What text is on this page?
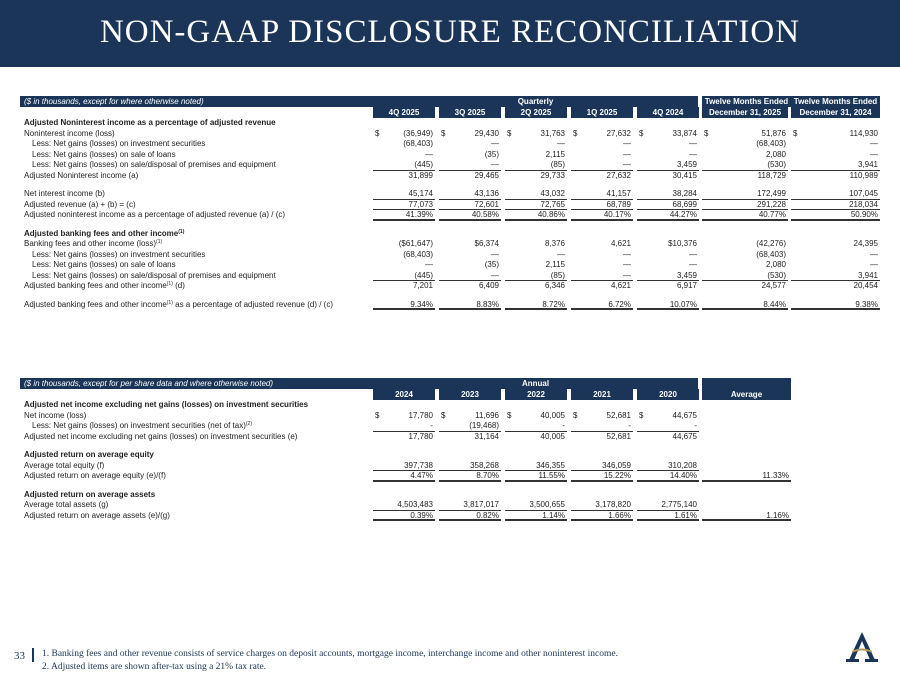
NON-GAAP DISCLOSURE RECONCILIATION
($ in thousands, except for where otherwise noted)	Quarterly	Twelve Months Ended Twelve Months Ended
4Q 2025	3Q 2025	2Q 2025	1Q 2025	4Q 2024	December 31, 2025	December 31, 2024
Adjusted Noninterest income as a percentage of adjusted revenue
Noninterest income (loss)	$	(36,949) $	29,430 $	31,763 $	27,632 $	33,874 $	51,876 $	114,930
Less: Net gains (losses) on investment securities	(68,403)	—	—	—	—	(68,403)	—
Less: Net gains (losses) on sale of loans	—	(35)	2,115	—	—	2,080	—
Less: Net gains (losses) on sale/disposal of premises and equipment	(445)	—	(85)	—	3,459	(530)	3,941
Adjusted Noninterest income (a)	31,899	29,465	29,733	27,632	30,415	118,729	110,989
Net interest income (b)	45,174	43,136	43,032	41,157	38,284	172,499	107,045
Adjusted revenue (a) + (b) = (c)	77,073	72,601	72,765	68,789	68,699	291,228	218,034
Adjusted noninterest income as a percentage of adjusted revenue (a) / (c)	41.39%	40.58%	40.86%	40.17%	44.27%	40.77%	50.90%
Adjusted banking fees and other income$^{(1)}$
Banking fees and other income (loss)$^{(1)}$	($61,647)	$6,374	8,376	4,621	$10,376	(42,276)	24,395
Less: Net gains (losses) on investment securities	(68,403)	—	—	—	—	(68,403)	—
Less: Net gains (losses) on sale of loans	—	(35)	2,115	—	—	2,080	—
Less: Net gains (losses) on sale/disposal of premises and equipment	(445)	—	(85)	—	3,459	(530)	3,941
Adjusted banking fees and other income$^{(1)}$ (d)	7,201	6,409	6,346	4,621	6,917	24,577	20,454
Adjusted banking fees and other income$^{(1)}$ as a percentage of adjusted revenue (d) / (c)	9.34%	8.83%	8.72%	6.72%	10.07%	8.44%	9.38%
($ in thousands, except for per share data and where otherwise noted)	Annual
2024	2023	2022	2021	2020	Average
Adjusted net income excluding net gains (losses) on investment securities
Net income (loss)	$	17,780 $	11,696 $	40,005 $	52,681 $	44,675
Less: Net gains (losses) on investment securities (net of tax)$^{(2)}$	-	(19,468)	-	-	-
Adjusted net income excluding net gains (losses) on investment securities (e)	17,780	31,164	40,005	52,681	44,675
Adjusted return on average equity
Average total equity (f)	397,738	358,268	346,355	346,059	310,208
Adjusted return on average equity (e)/(f)	4.47%	8.70%	11.55%	15.22%	14.40%	11.33%
Adjusted return on average assets
Average total assets (g)	4,503,483	3,817,017	3,500,655	3,178,820	2,775,140
Adjusted return on average assets (e)/(g)	0.39%	0.82%	1.14%	1.66%	1.61%	1.16%
33 1. Banking fees and other revenue consists of service charges on deposit accounts, mortgage income, interchange income and other noninterest income.
2. Adjusted items are shown after-tax using a 21% tax rate.
